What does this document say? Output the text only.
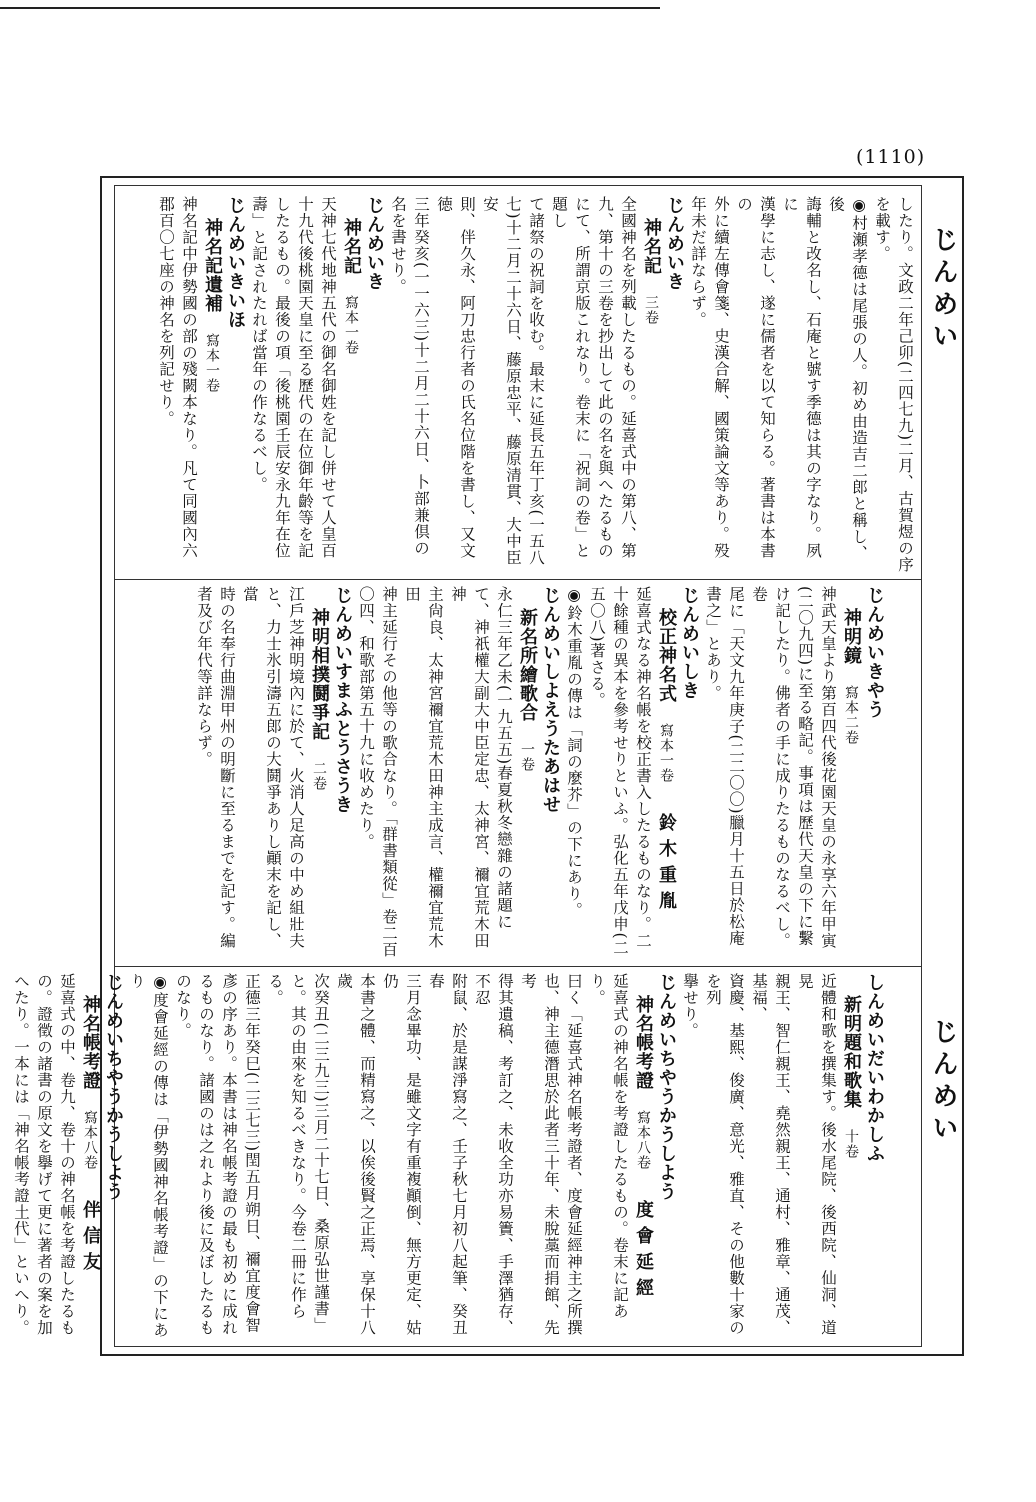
(1110)
じんめい
じんめい
したり。文政二年己卯(二四七九)二月、古賀煜の序
を載す。
◉村瀬孝德は尾張の人。初め由造吉二郎と稱し、後
誨輔と改名し、石庵と號す季德は其の字なり。夙に
漢學に志し、遂に儒者を以て知らる。著書は本書の
外に續左傳會箋、史漢合解、國策論文等あり。殁
年未だ詳ならず。
じんめいき
神名記三卷
全國神名を列載したるもの。延喜式中の第八、第
九、第十の三卷を抄出して此の名を與へたるもの
にて、所謂京版これなり。卷末に「祝詞の卷」と題し
て諸祭の祝詞を收む。最末に延長五年丁亥(一五八
七)十二月二十六日、藤原忠平、藤原清貫、大中臣安
則、伴久永、阿刀忠行者の氏名位階を書し、又文徳
三年癸亥(一一六三)十二月二十六日、卜部兼倶の
名を書せり。
じんめいき
神名記寫本一卷
天神七代地神五代の御名御姓を記し併せて人皇百
十九代後桃園天皇に至る歷代の在位御年齡等を記
したるもの。最後の項「後桃園壬辰安永九年在位
壽」と記されたれば當年の作なるべし。
じんめいきいほ
神名記遺補寫本一卷
神名記中伊勢國の部の殘闕本なり。凡て同國內六
郡百〇七座の神名を列記せり。
じんめいきやう
神明鏡寫本二卷
神武天皇より第百四代後花園天皇の永享六年甲寅
(二〇九四)に至る略記。事項は歷代天皇の下に繫
け記したり。佛者の手に成りたるものなるべし。卷
尾に「天文九年庚子(二二〇〇)臘月十五日於松庵
書之」とあり。
じんめいしき
校正神名式寫本一卷鈴木重胤
延喜式なる神名帳を校正書入したるものなり。二
十餘種の異本を參考せりといふ。弘化五年戊申(二
五〇八)著さる。
◉鈴木重胤の傳は「詞の麼芥」の下にあり。
じんめいしよえうたあはせ
新名所繪歌合一卷
永仁三年乙未(一九五五)春夏秋冬戀雜の諸題に
て、神祇權大副大中臣定忠、太神宮、禰宜荒木田神
主尙良、太神宮禰宜荒木田神主成言、權禰宜荒木田
神主延行その他等の歌合なり。「群書類從」卷二百
〇四、和歌部第五十九に收めたり。
じんめいすまふとうさうき
神明相撲鬪爭記二卷
江戶芝神明境內に於て、火消人足高の中め組壯夫
と、力士氷引濤五郎の大鬪爭ありし顚末を記し、當
時の名奉行曲淵甲州の明斷に至るまでを記す。編
者及び年代等詳ならず。
しんめいだいわかしふ
新明題和歌集十卷
近體和歌を撰集す。後水尾院、後西院、仙洞、道晃
親王、智仁親王、堯然親王、通村、雅章、通茂、基福、
資慶、基熙、俊廣、意光、雅直、その他數十家のを列
擧せり。
じんめいちやうかうしよう
神名帳考證寫本八卷度會延經
延喜式の神名帳を考證したるもの。卷末に記あり。
曰く「延喜式神名帳考證者、度會延經神主之所撰
也、神主德潛思於此者三十年、未脫藁而捐館、先考
得其遺稿、考訂之、未收全功亦易簀、手澤猶存、不忍
附鼠、於是謀淨寫之、壬子秋七月初八起筆、癸丑春
三月念畢功、是雖文字有重複顚倒、無方更定、姑仍
本書之體、而精寫之、以俟後賢之正焉、享保十八歲
次癸丑(二三九三)三月二十七日、桑原弘世謹書」
と。其の由來を知るべきなり。今卷二冊に作らる。
正德三年癸巳(二三七三)閏五月朔日、禰宜度會智
彥の序あり。本書は神名帳考證の最も初めに成れ
るものなり。諸國のは之れより後に及ぼしたるも
のなり。
◉度會延經の傳は「伊勢國神名帳考證」の下にあり
じんめいちやうかうしよう
神名帳考證寫本八卷伴信友
延喜式の中、卷九、卷十の神名帳を考證したるも
の。證徵の諸書の原文を擧げて更に著者の案を加
へたり。一本には「神名帳考證土代」といへり。
